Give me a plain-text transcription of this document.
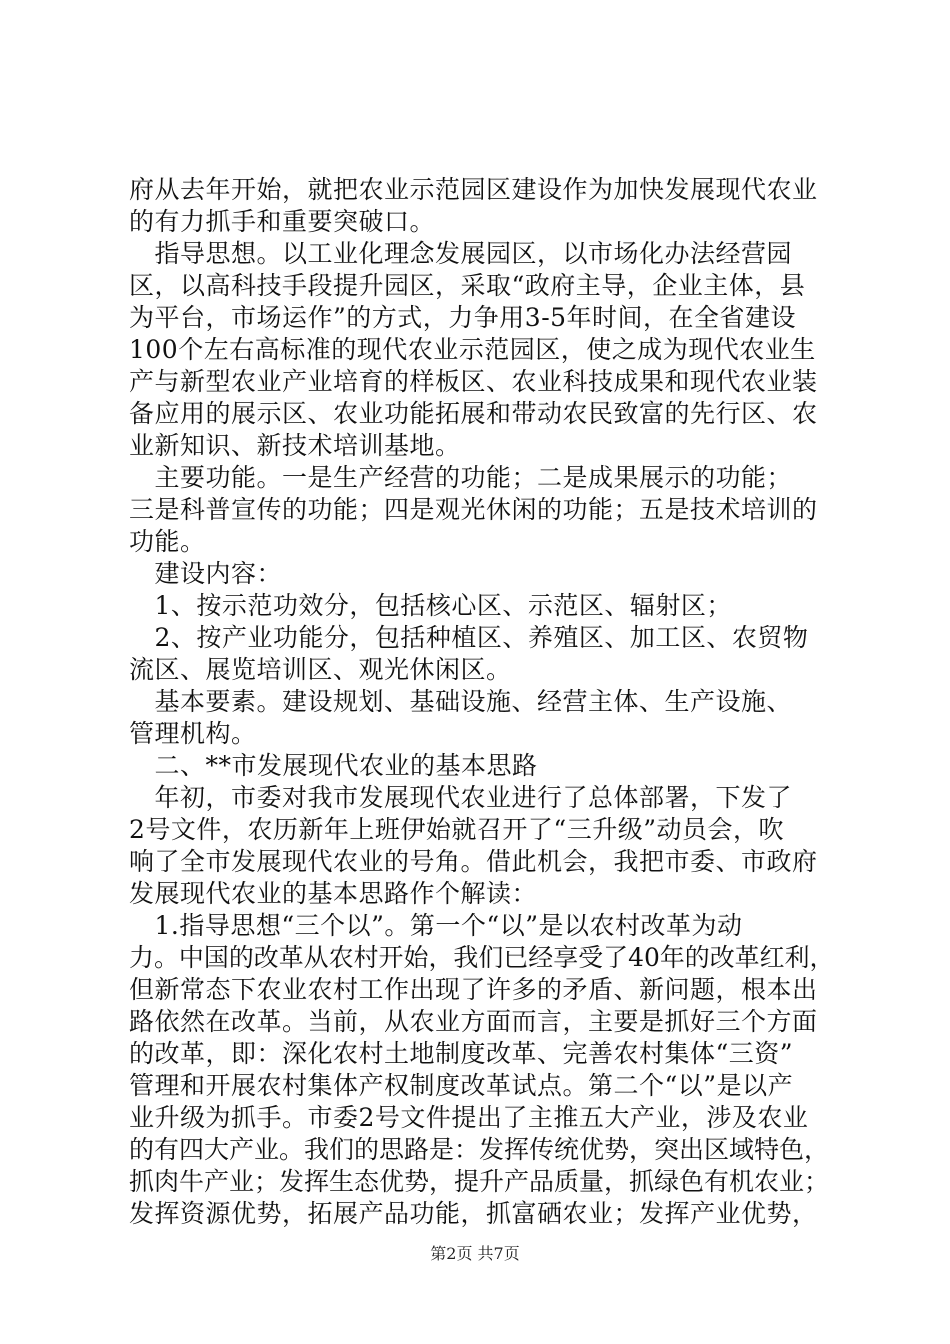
府从去年开始，就把农业示范园区建设作为加快发展现代农业
的有力抓手和重要突破口。
　指导思想。以工业化理念发展园区，以市场化办法经营园
区，以高科技手段提升园区，采取“政府主导，企业主体，县
为平台，市场运作”的方式，力争用3-5年时间，在全省建设
100个左右高标准的现代农业示范园区，使之成为现代农业生
产与新型农业产业培育的样板区、农业科技成果和现代农业装
备应用的展示区、农业功能拓展和带动农民致富的先行区、农
业新知识、新技术培训基地。
　主要功能。一是生产经营的功能；二是成果展示的功能；
三是科普宣传的功能；四是观光休闲的功能；五是技术培训的
功能。
　建设内容：
　1、按示范功效分，包括核心区、示范区、辐射区；
　2、按产业功能分，包括种植区、养殖区、加工区、农贸物
流区、展览培训区、观光休闲区。
　基本要素。建设规划、基础设施、经营主体、生产设施、
管理机构。
　二、**市发展现代农业的基本思路
　年初，市委对我市发展现代农业进行了总体部署，下发了
2号文件，农历新年上班伊始就召开了“三升级”动员会，吹
响了全市发展现代农业的号角。借此机会，我把市委、市政府
发展现代农业的基本思路作个解读：
　1.指导思想“三个以”。第一个“以”是以农村改革为动
力。中国的改革从农村开始，我们已经享受了40年的改革红利，
但新常态下农业农村工作出现了许多的矛盾、新问题，根本出
路依然在改革。当前，从农业方面而言，主要是抓好三个方面
的改革，即：深化农村土地制度改革、完善农村集体“三资”
管理和开展农村集体产权制度改革试点。第二个“以”是以产
业升级为抓手。市委2号文件提出了主推五大产业，涉及农业
的有四大产业。我们的思路是：发挥传统优势，突出区域特色，
抓肉牛产业；发挥生态优势，提升产品质量，抓绿色有机农业；
发挥资源优势，拓展产品功能，抓富硒农业；发挥产业优势，
第2页 共7页
